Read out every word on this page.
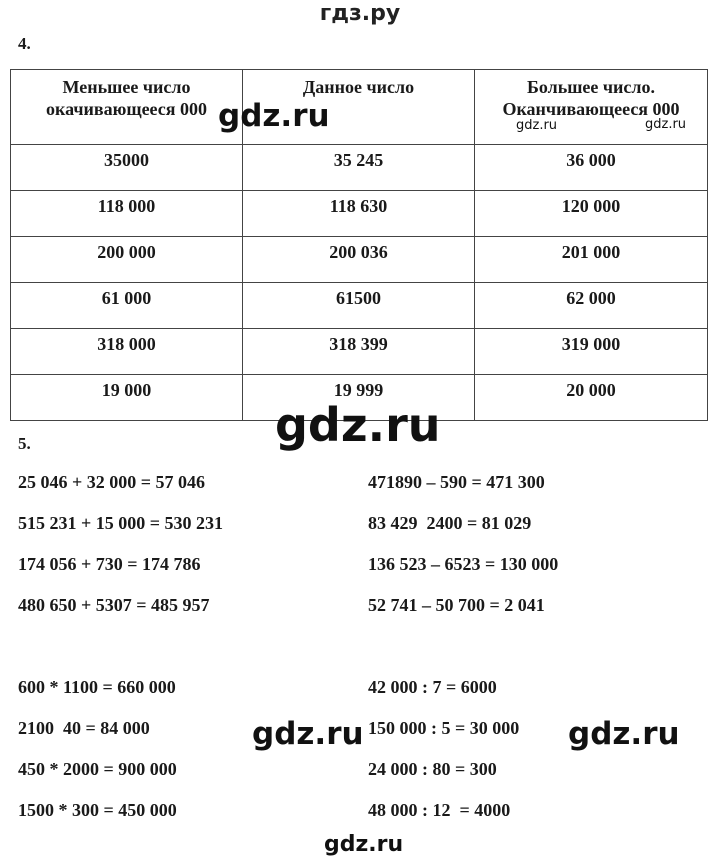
гдз.ру
4.
Меньшее число окачивающееся 000	Данное число	Большее число. Оканчивающееся 000
35000	35 245	36 000
118 000	118 630	120 000
200 000	200 036	201 000
61 000	61500	62 000
318 000	318 399	319 000
19 000	19 999	20 000
gdz.ru	gdz.ru	gdz.ru
gdz.ru
5.
25 046 + 32 000 = 57 046
515 231 + 15 000 = 530 231
174 056 + 730 = 174 786
480 650 + 5307 = 485 957
471890 – 590 = 471 300
83 429  2400 = 81 029
136 523 – 6523 = 130 000
52 741 – 50 700 = 2 041
600 * 1100 = 660 000
2100  40 = 84 000
450 * 2000 = 900 000
1500 * 300 = 450 000
42 000 : 7 = 6000
150 000 : 5 = 30 000
24 000 : 80 = 300
48 000 : 12  = 4000
gdz.ru	gdz.ru
gdz.ru
